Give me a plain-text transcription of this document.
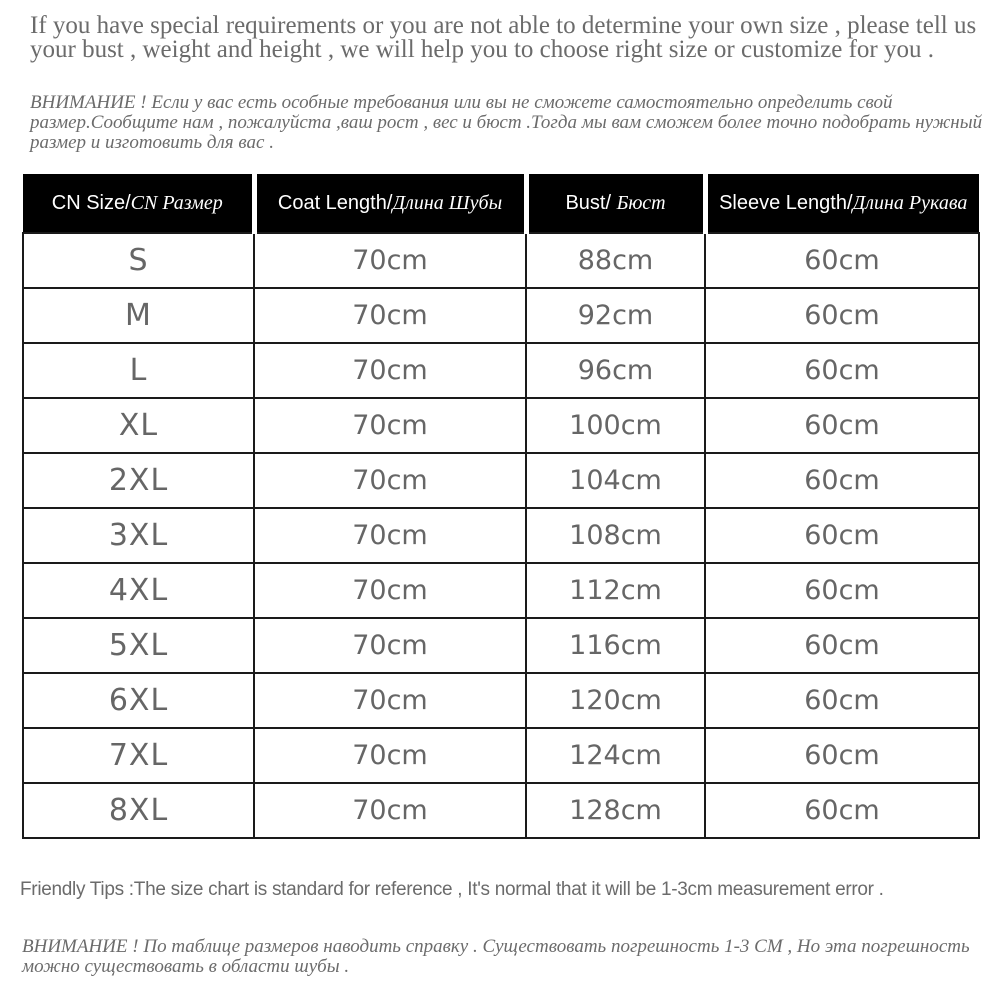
If you have special requirements or you are not able to determine your own size , please tell us your bust , weight and height , we will help you to choose right size or customize for you .

ВНИМАНИЕ ! Если у вас есть особные требования или вы не сможете самостоятельно определить свой размер.Сообщите нам , пожалуйста ,ваш рост , вес и бюст .Тогда мы вам сможем более точно подобрать нужный размер и изготовить для вас .

CN Size/CN Размер	Coat Length/Длина Шубы	Bust/ Бюст	Sleeve Length/Длина Рукава
S	70cm	88cm	60cm
M	70cm	92cm	60cm
L	70cm	96cm	60cm
XL	70cm	100cm	60cm
2XL	70cm	104cm	60cm
3XL	70cm	108cm	60cm
4XL	70cm	112cm	60cm
5XL	70cm	116cm	60cm
6XL	70cm	120cm	60cm
7XL	70cm	124cm	60cm
8XL	70cm	128cm	60cm

Friendly Tips :The size chart is standard for reference , It's normal that it will be 1-3cm measurement error .

ВНИМАНИЕ ! По таблице размеров наводить справку . Существовать погрешность 1-3 CM , Но эта погрешность можно существовать в области шубы .
